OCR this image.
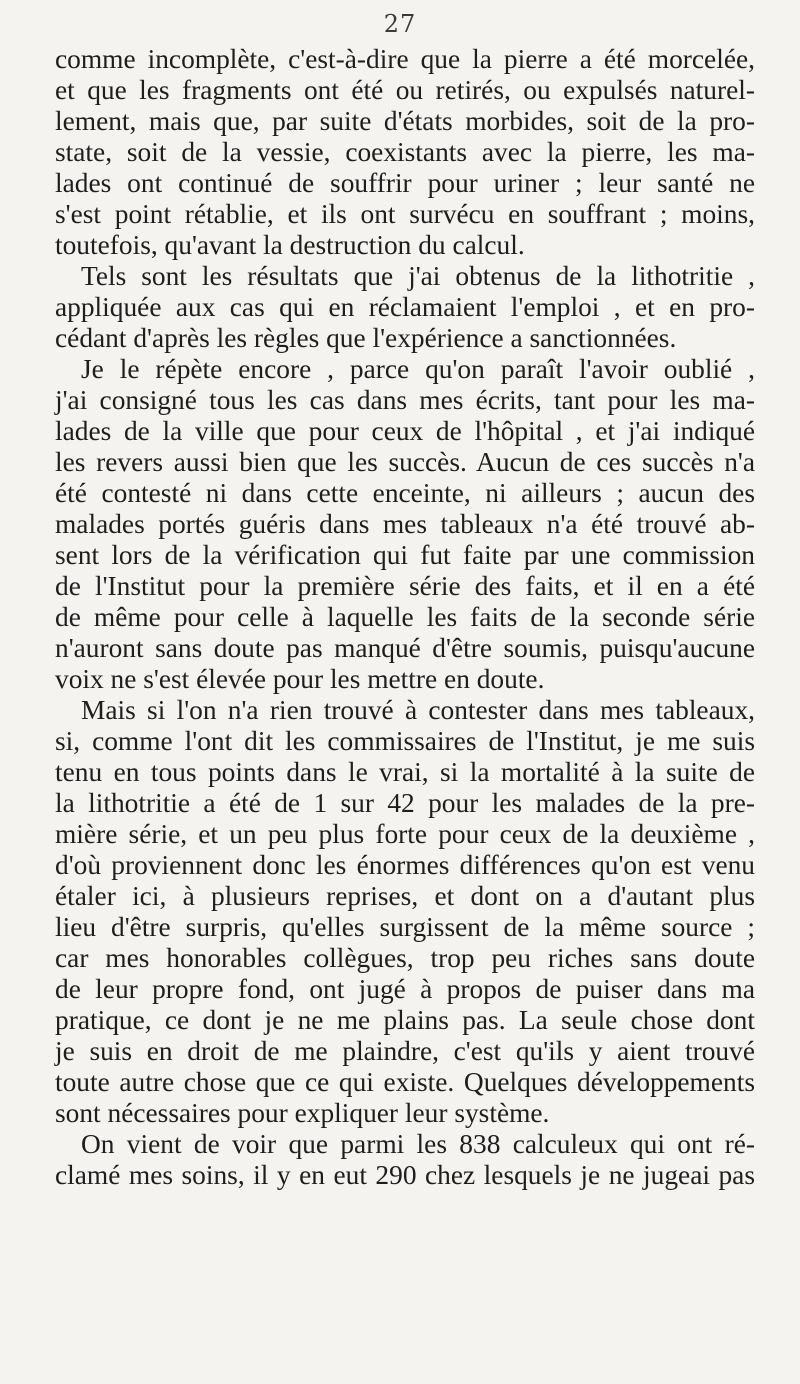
27
comme incomplète, c'est-à-dire que la pierre a été morcelée,
et que les fragments ont été ou retirés, ou expulsés naturel-
lement, mais que, par suite d'états morbides, soit de la pro-
state, soit de la vessie, coexistants avec la pierre, les ma-
lades ont continué de souffrir pour uriner ; leur santé ne
s'est point rétablie, et ils ont survécu en souffrant ; moins,
toutefois, qu'avant la destruction du calcul.
Tels sont les résultats que j'ai obtenus de la lithotritie ,
appliquée aux cas qui en réclamaient l'emploi , et en pro-
cédant d'après les règles que l'expérience a sanctionnées.
Je le répète encore , parce qu'on paraît l'avoir oublié ,
j'ai consigné tous les cas dans mes écrits, tant pour les ma-
lades de la ville que pour ceux de l'hôpital , et j'ai indiqué
les revers aussi bien que les succès. Aucun de ces succès n'a
été contesté ni dans cette enceinte, ni ailleurs ; aucun des
malades portés guéris dans mes tableaux n'a été trouvé ab-
sent lors de la vérification qui fut faite par une commission
de l'Institut pour la première série des faits, et il en a été
de même pour celle à laquelle les faits de la seconde série
n'auront sans doute pas manqué d'être soumis, puisqu'aucune
voix ne s'est élevée pour les mettre en doute.
Mais si l'on n'a rien trouvé à contester dans mes tableaux,
si, comme l'ont dit les commissaires de l'Institut, je me suis
tenu en tous points dans le vrai, si la mortalité à la suite de
la lithotritie a été de 1 sur 42 pour les malades de la pre-
mière série, et un peu plus forte pour ceux de la deuxième ,
d'où proviennent donc les énormes différences qu'on est venu
étaler ici, à plusieurs reprises, et dont on a d'autant plus
lieu d'être surpris, qu'elles surgissent de la même source ;
car mes honorables collègues, trop peu riches sans doute
de leur propre fond, ont jugé à propos de puiser dans ma
pratique, ce dont je ne me plains pas. La seule chose dont
je suis en droit de me plaindre, c'est qu'ils y aient trouvé
toute autre chose que ce qui existe. Quelques développements
sont nécessaires pour expliquer leur système.
On vient de voir que parmi les 838 calculeux qui ont ré-
clamé mes soins, il y en eut 290 chez lesquels je ne jugeai pas
